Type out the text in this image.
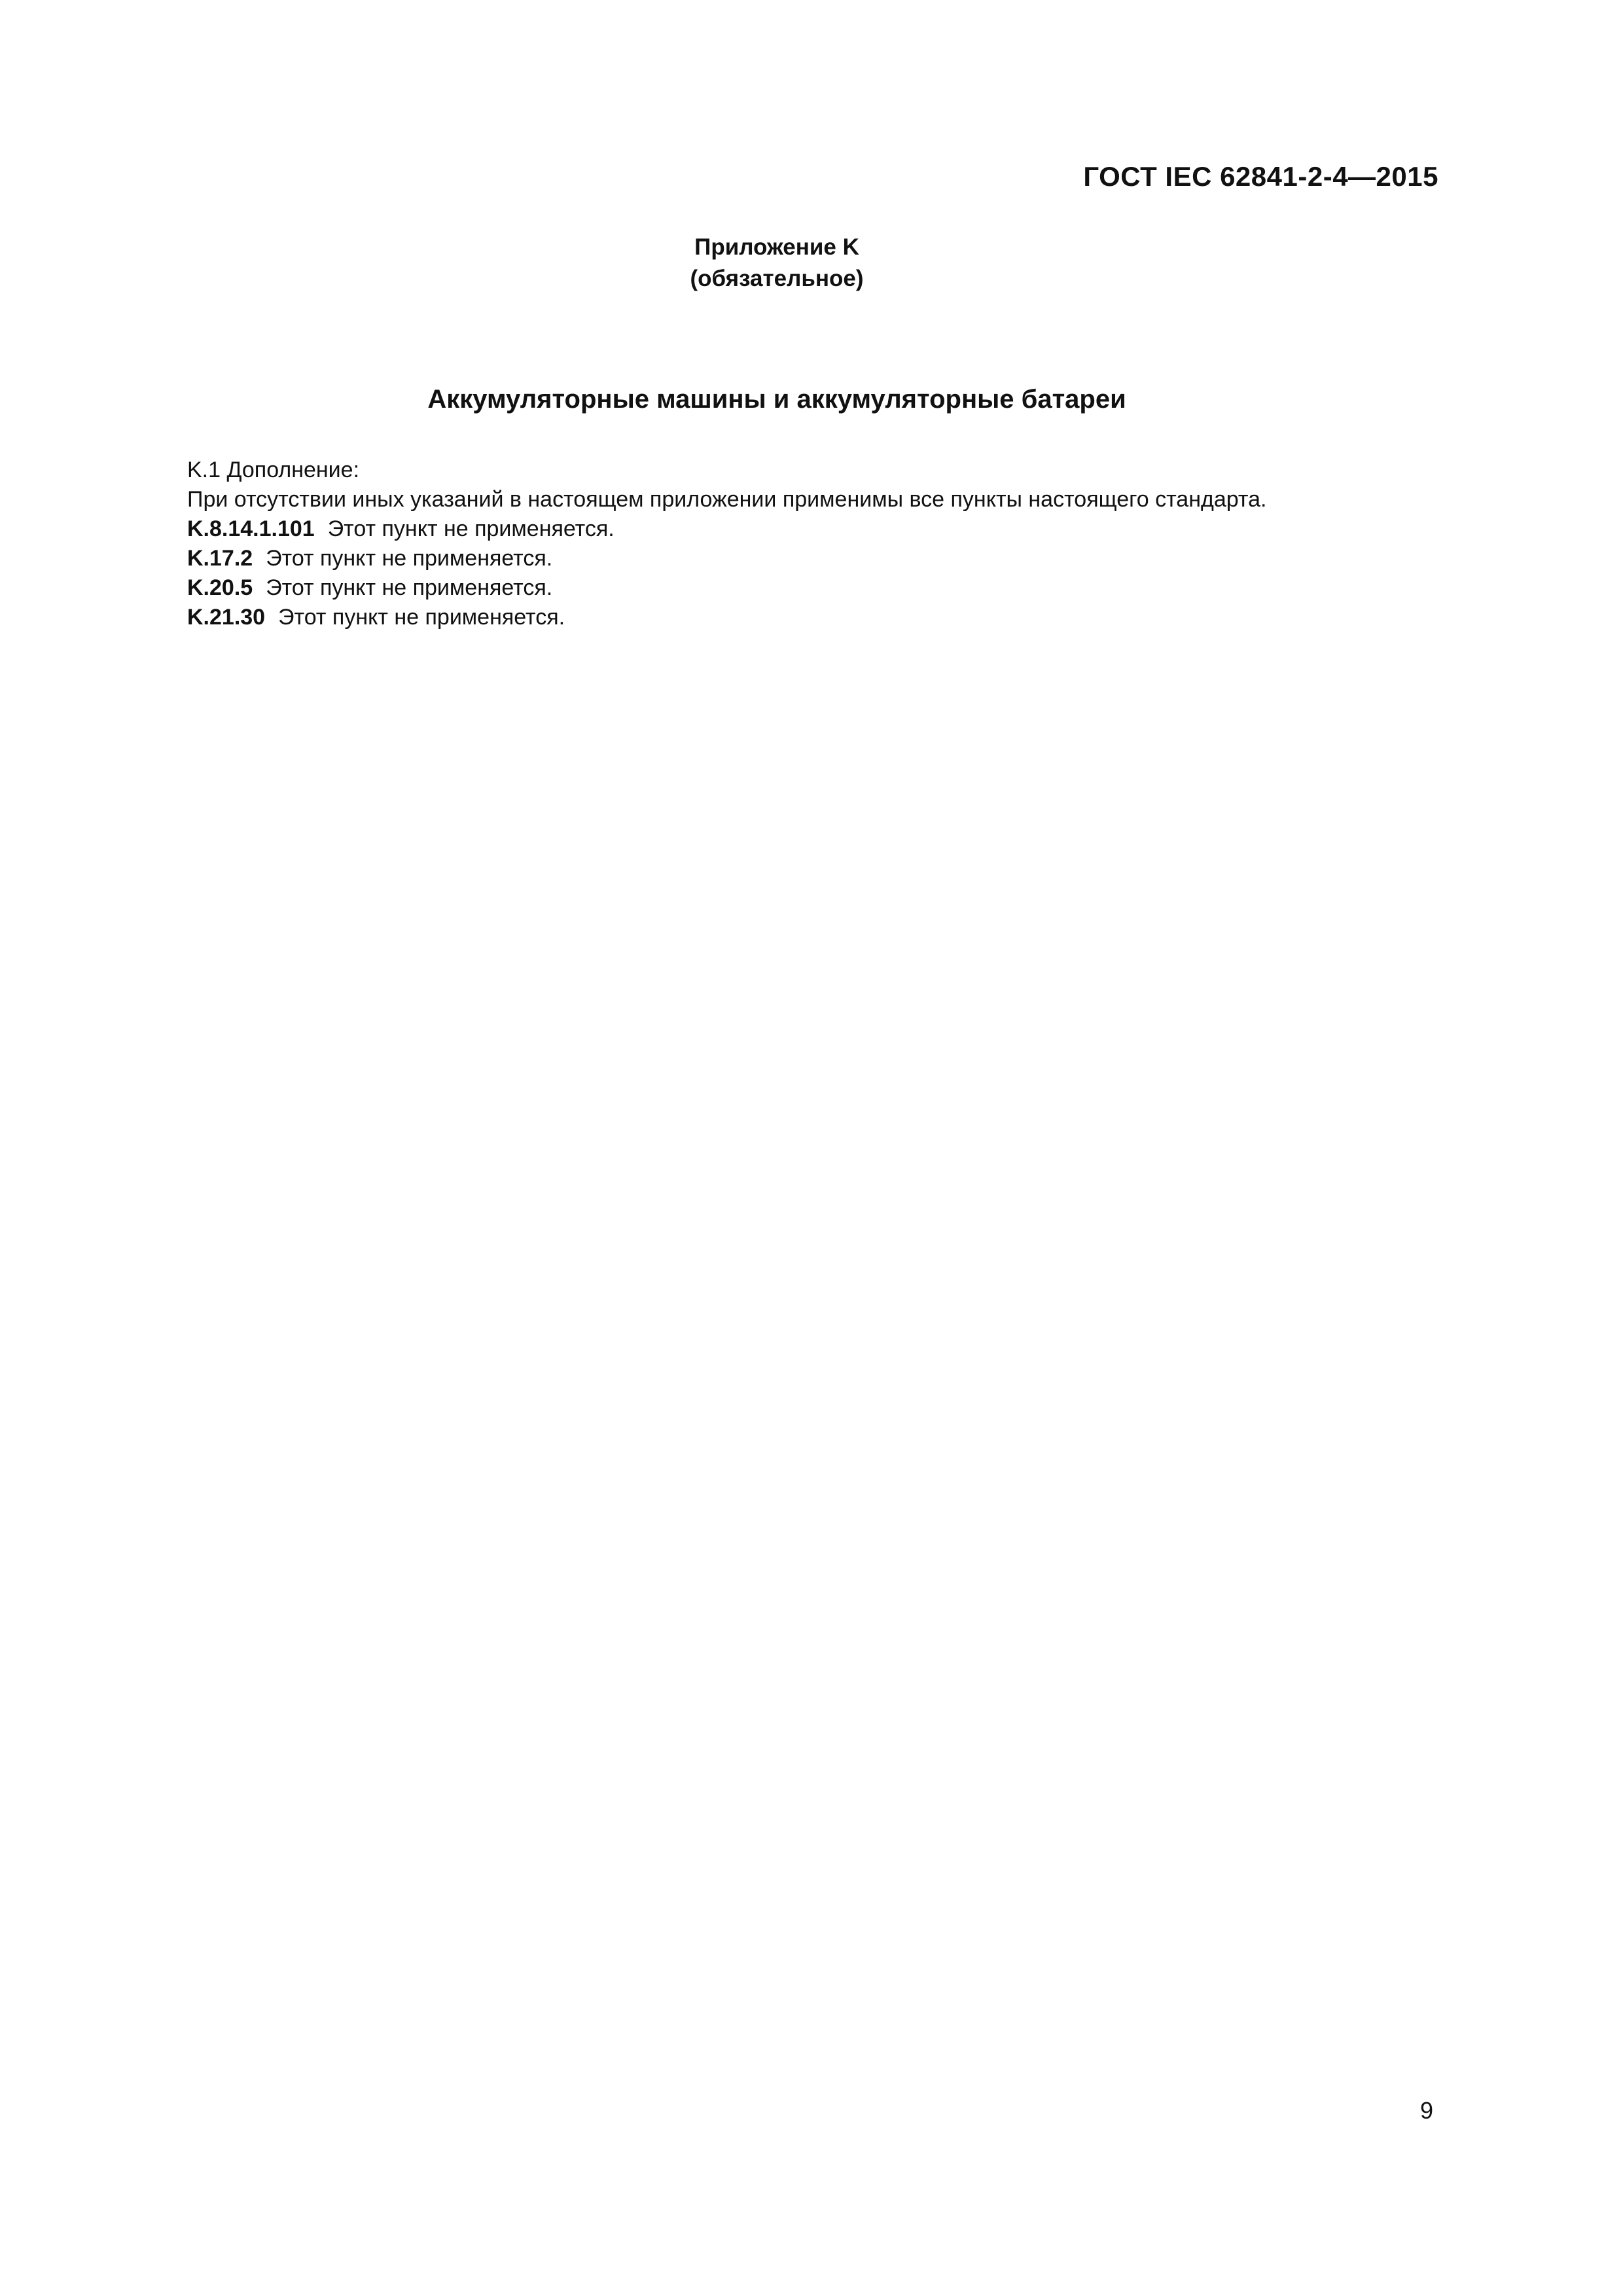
ГОСТ IEC 62841-2-4—2015
Приложение K
(обязательное)
Аккумуляторные машины и аккумуляторные батареи
K.1 Дополнение:
При отсутствии иных указаний в настоящем приложении применимы все пункты настоящего стандарта.
K.8.14.1.101 Этот пункт не применяется.
K.17.2 Этот пункт не применяется.
K.20.5 Этот пункт не применяется.
K.21.30 Этот пункт не применяется.
9
